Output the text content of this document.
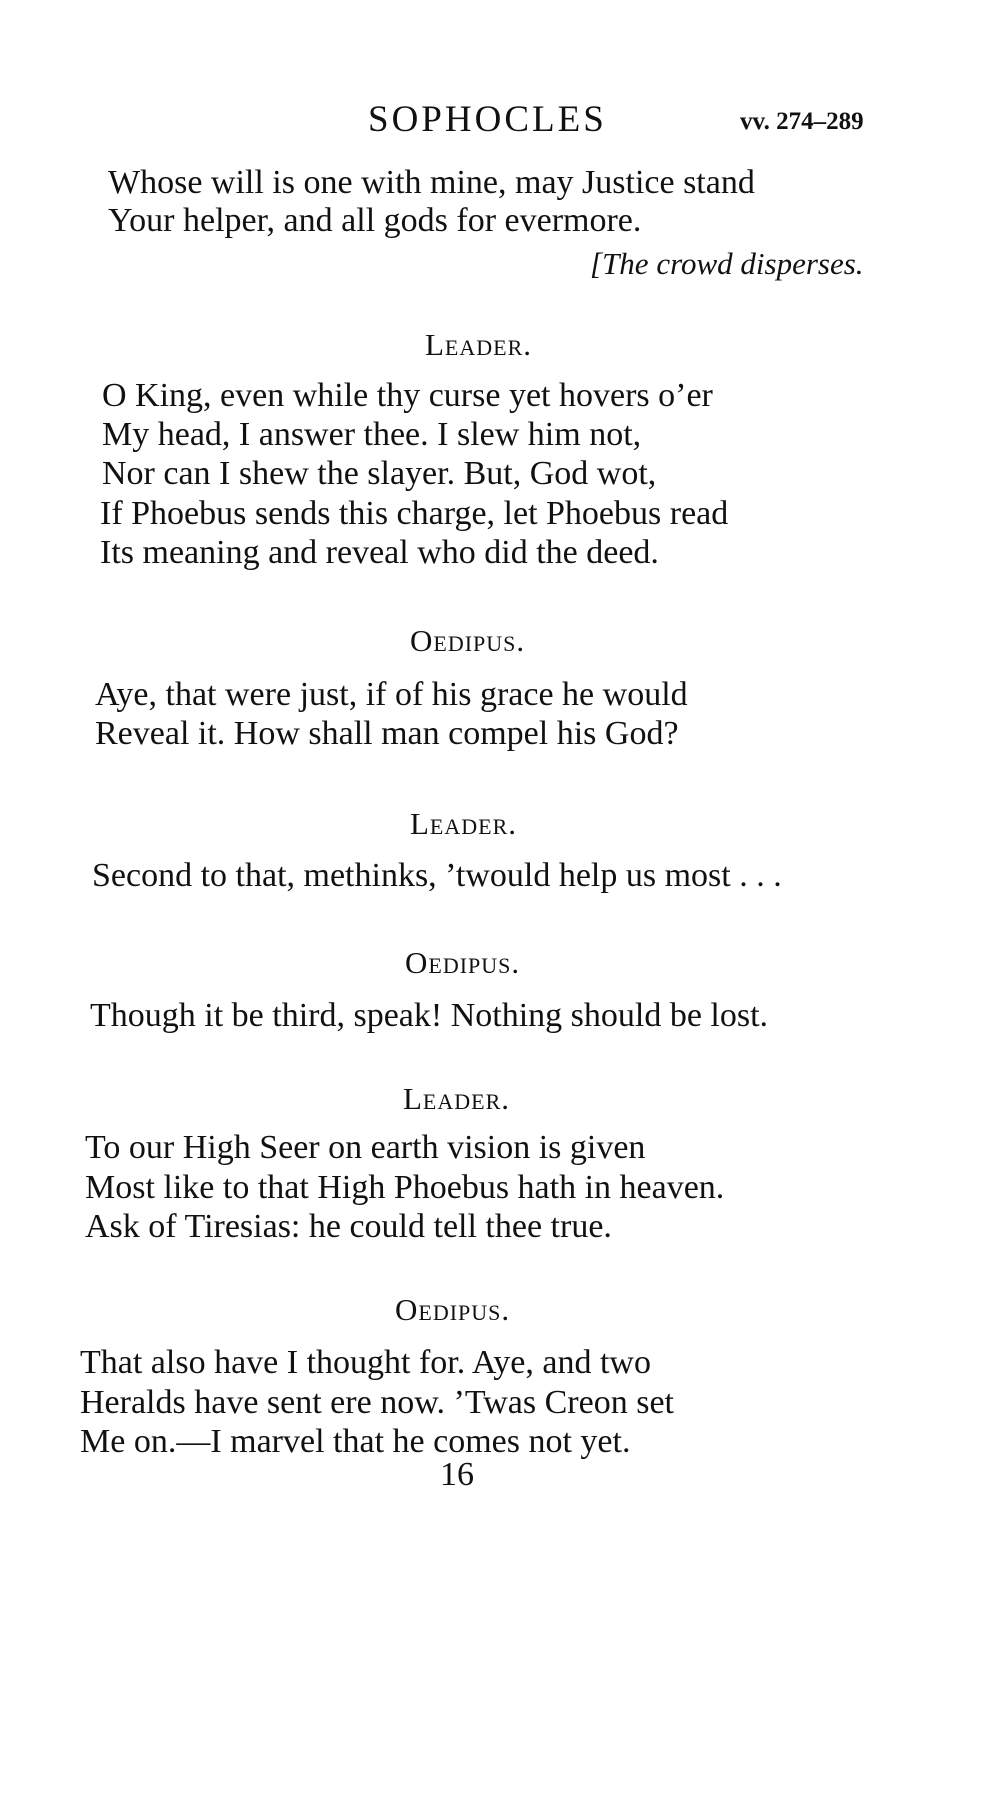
SOPHOCLES	vv. 274–289
Whose will is one with mine, may Justice stand
Your helper, and all gods for evermore.
[The crowd disperses.
Leader.
O King, even while thy curse yet hovers o’er
My head, I answer thee. I slew him not,
Nor can I shew the slayer. But, God wot,
If Phoebus sends this charge, let Phoebus read
Its meaning and reveal who did the deed.
Oedipus.
Aye, that were just, if of his grace he would
Reveal it. How shall man compel his God?
Leader.
Second to that, methinks, ’twould help us most . . .
Oedipus.
Though it be third, speak! Nothing should be lost.
Leader.
To our High Seer on earth vision is given
Most like to that High Phoebus hath in heaven.
Ask of Tiresias: he could tell thee true.
Oedipus.
That also have I thought for. Aye, and two
Heralds have sent ere now. ’Twas Creon set
Me on.—I marvel that he comes not yet.
16
